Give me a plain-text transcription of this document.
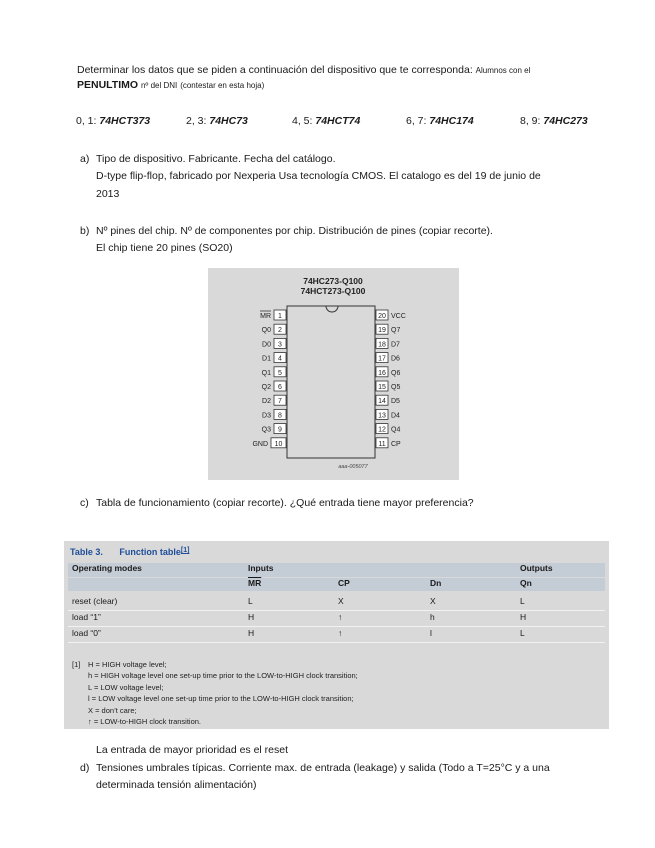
Determinar los datos que se piden a continuación del dispositivo que te corresponda: Alumnos con el
PENULTIMO nº del DNI (contestar en esta hoja)
0, 1: 74HCT373	2, 3: 74HC73	4, 5: 74HCT74	6, 7: 74HC174	8, 9: 74HC273
a) Tipo de dispositivo. Fabricante. Fecha del catálogo.
D-type flip-flop, fabricado por Nexperia Usa tecnología CMOS. El catalogo es del 19 de junio de
2013
b) Nº pines del chip. Nº de componentes por chip. Distribución de pines (copiar recorte).
El chip tiene 20 pines (SO20)
74HC273-Q100
74HCT273-Q100
1
MR
2
Q0
3
D0
4
D1
5
Q1
6
Q2
7
D2
8
D3
9
Q3
10
GND
20 VCC
19 Q7
18 D7
17 D6
16 Q6
15 Q5
14 D5
13 D4
12 Q4
11 CP
aaa-005077
c) Tabla de funcionamiento (copiar recorte). ¿Qué entrada tiene mayor preferencia?
Table 3. Function table[1]
Operating modes	Inputs	Outputs
$\overline{MR}$	CP	Dn	Qn
reset (clear)	L	X	X	L
load “1”	H	↑	h	H
load “0”	H	↑	l	L
[1] H = HIGH voltage level;
h = HIGH voltage level one set-up time prior to the LOW-to-HIGH clock transition;
L = LOW voltage level;
l = LOW voltage level one set-up time prior to the LOW-to-HIGH clock transition;
X = don’t care;
↑ = LOW-to-HIGH clock transition.
La entrada de mayor prioridad es el reset
d) Tensiones umbrales típicas. Corriente max. de entrada (leakage) y salida (Todo a T=25°C y a una
determinada tensión alimentación)
